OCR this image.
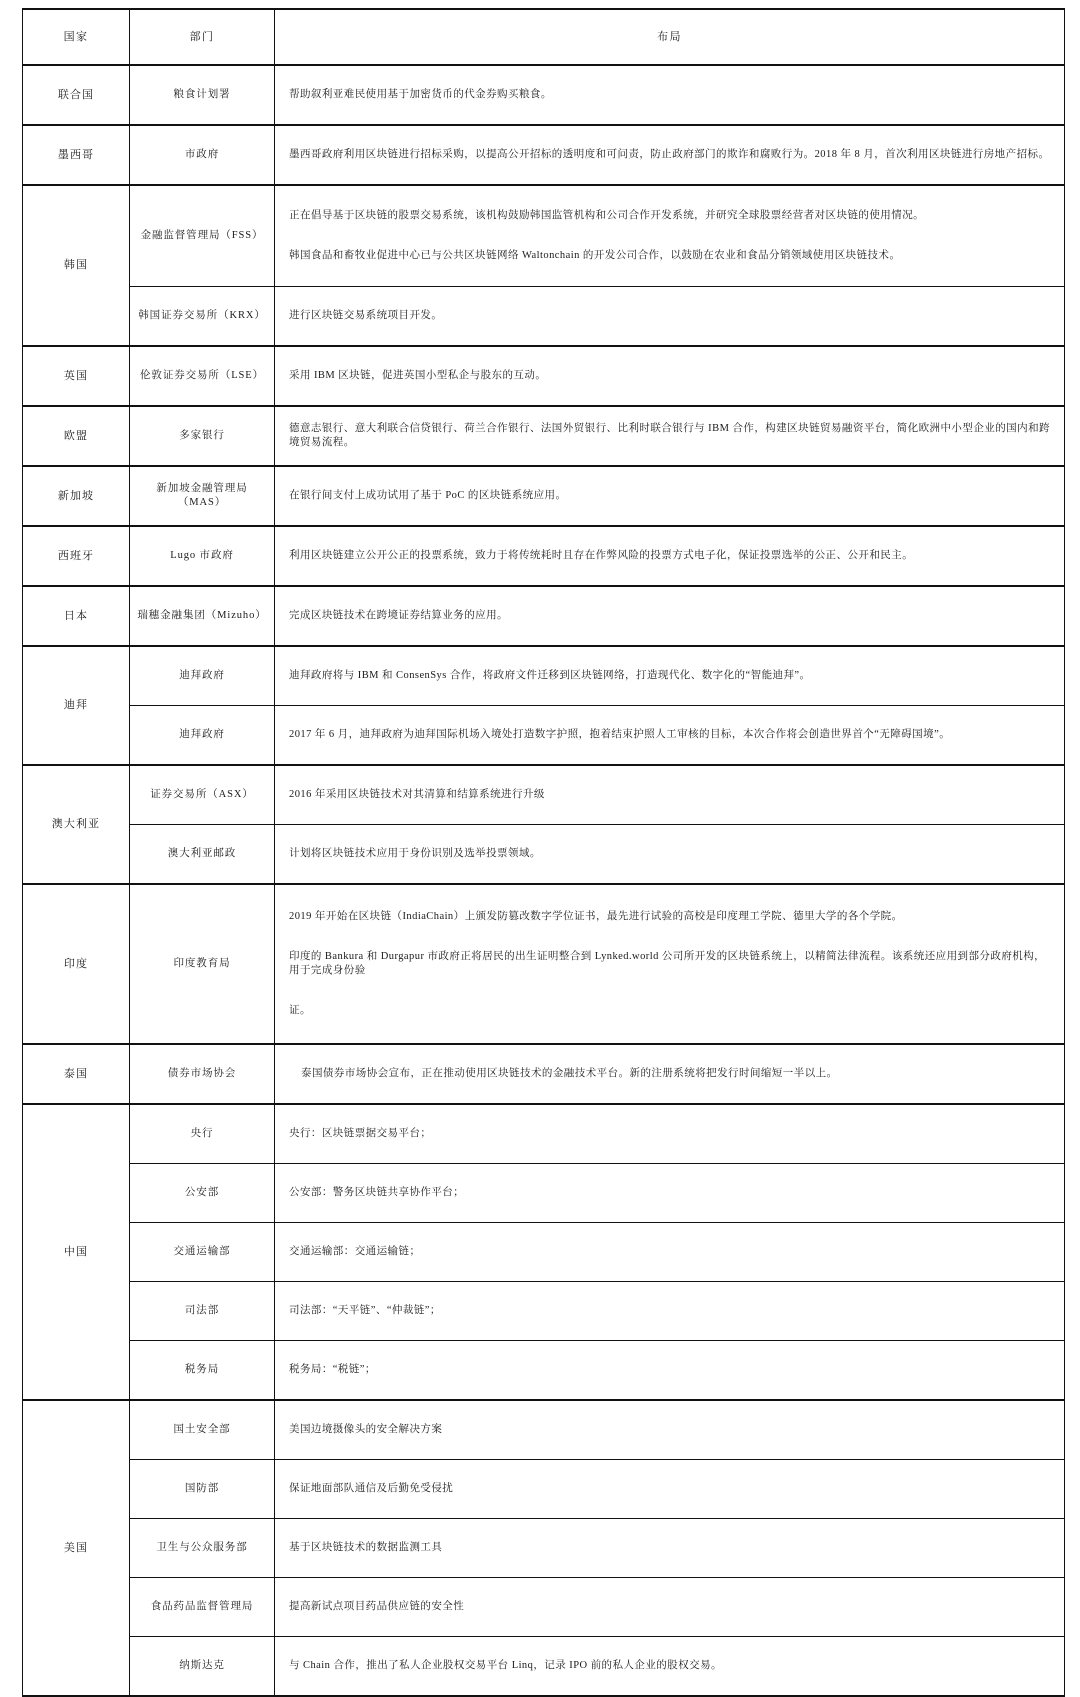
国家	部门	布局
联合国	粮食计划署	帮助叙利亚难民使用基于加密货币的代金券购买粮食。

墨西哥	市政府	墨西哥政府利用区块链进行招标采购，以提高公开招标的透明度和可问责，防止政府部门的欺诈和腐败行为。2018 年 8 月，首次利用区块链进行房地产招标。

韩国	金融监督管理局（FSS）	正在倡导基于区块链的股票交易系统，该机构鼓励韩国监管机构和公司合作开发系统，并研究全球股票经营者对区块链的使用情况。
韩国食品和畜牧业促进中心已与公共区块链网络 Waltonchain 的开发公司合作，以鼓励在农业和食品分销领域使用区块链技术。

	韩国证券交易所（KRX）	进行区块链交易系统项目开发。

英国	伦敦证券交易所（LSE）	采用 IBM 区块链，促进英国小型私企与股东的互动。

欧盟	多家银行	德意志银行、意大利联合信贷银行、荷兰合作银行、法国外贸银行、比利时联合银行与 IBM 合作，构建区块链贸易融资平台，简化欧洲中小型企业的国内和跨境贸易流程。

新加坡	新加坡金融管理局（MAS）	在银行间支付上成功试用了基于 PoC 的区块链系统应用。

西班牙	Lugo 市政府	利用区块链建立公开公正的投票系统，致力于将传统耗时且存在作弊风险的投票方式电子化，保证投票选举的公正、公开和民主。

日本	瑞穗金融集团（Mizuho）	完成区块链技术在跨境证券结算业务的应用。

迪拜	迪拜政府	迪拜政府将与 IBM 和 ConsenSys 合作，将政府文件迁移到区块链网络，打造现代化、数字化的“智能迪拜”。

	迪拜政府	2017 年 6 月，迪拜政府为迪拜国际机场入境处打造数字护照，抱着结束护照人工审核的目标，本次合作将会创造世界首个“无障碍国境”。

澳大利亚	证券交易所（ASX）	2016 年采用区块链技术对其清算和结算系统进行升级

	澳大利亚邮政	计划将区块链技术应用于身份识别及选举投票领域。

印度	印度教育局	2019 年开始在区块链（IndiaChain）上颁发防篡改数字学位证书，最先进行试验的高校是印度理工学院、德里大学的各个学院。
印度的 Bankura 和 Durgapur 市政府正将居民的出生证明整合到 Lynked.world 公司所开发的区块链系统上，以精简法律流程。该系统还应用到部分政府机构，用于完成身份验
证。

泰国	债券市场协会	泰国债券市场协会宣布，正在推动使用区块链技术的金融技术平台。新的注册系统将把发行时间缩短一半以上。

中国	央行	央行：区块链票据交易平台；

	公安部	公安部：警务区块链共享协作平台；

	交通运输部	交通运输部：交通运输链；

	司法部	司法部：“天平链”、“仲裁链”；

	税务局	税务局：“税链”；

美国	国土安全部	美国边境摄像头的安全解决方案

	国防部	保证地面部队通信及后勤免受侵扰

	卫生与公众服务部	基于区块链技术的数据监测工具

	食品药品监督管理局	提高新试点项目药品供应链的安全性

	纳斯达克	与 Chain 合作，推出了私人企业股权交易平台 Linq，记录 IPO 前的私人企业的股权交易。
